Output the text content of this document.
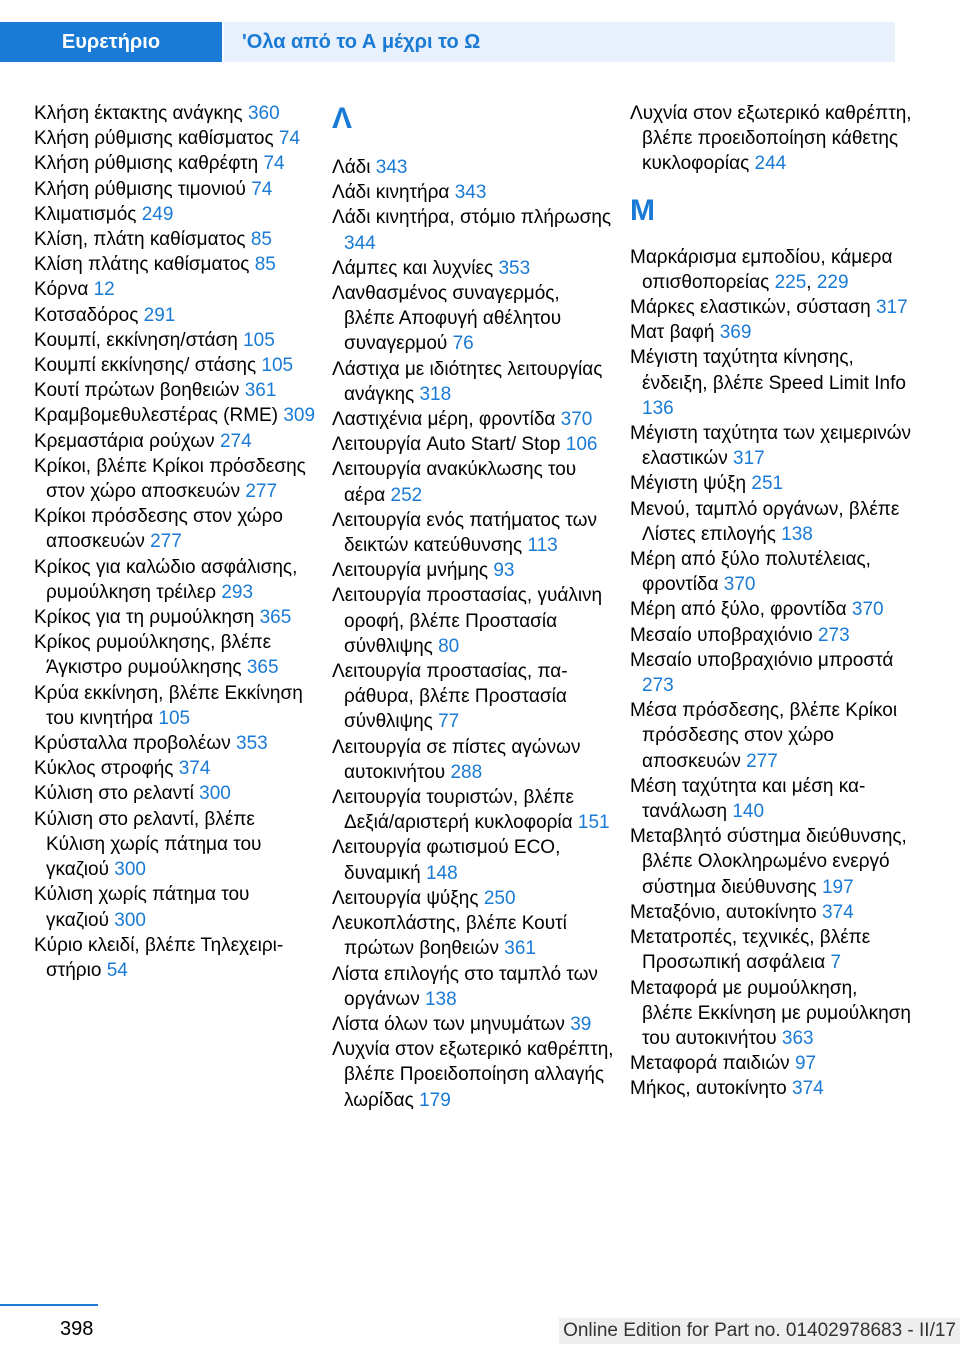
Ευρετήριο	'Ολα από το Α μέχρι το Ω
Κλήση έκτακτης ανάγκης 360
Κλήση ρύθμισης καθίσματος 74
Κλήση ρύθμισης καθρέφτη 74
Κλήση ρύθμισης τιμονιού 74
Κλιματισμός 249
Κλίση, πλάτη καθίσματος 85
Κλίση πλάτης καθίσματος 85
Κόρνα 12
Κοτσαδόρος 291
Κουμπί, εκκίνηση/στάση 105
Κουμπί εκκίνησης/ στάσης 105
Κουτί πρώτων βοηθειών 361
Κραμβομεθυλεστέρας (RME) 309
Κρεμαστάρια ρούχων 274
Κρίκοι, βλέπε Κρίκοι πρόσδεσης στον χώρο αποσκευών 277
Κρίκοι πρόσδεσης στον χώρο αποσκευών 277
Κρίκος για καλώδιο ασφάλισης, ρυμούλκηση τρέιλερ 293
Κρίκος για τη ρυμούλκηση 365
Κρίκος ρυμούλκησης, βλέπε Άγκιστρο ρυμούλκησης 365
Κρύα εκκίνηση, βλέπε Εκκίνηση του κινητήρα 105
Κρύσταλλα προβολέων 353
Κύκλος στροφής 374
Κύλιση στο ρελαντί 300
Κύλιση στο ρελαντί, βλέπε Κύλιση χωρίς πάτημα του γκαζιού 300
Κύλιση χωρίς πάτημα του γκαζιού 300
Κύριο κλειδί, βλέπε Τηλεχειριστήριο 54
Λ
Λάδι 343
Λάδι κινητήρα 343
Λάδι κινητήρα, στόμιο πλήρωσης 344
Λάμπες και λυχνίες 353
Λανθασμένος συναγερμός, βλέπε Αποφυγή αθέλητου συναγερμού 76
Λάστιχα με ιδιότητες λειτουργίας ανάγκης 318
Λαστιχένια μέρη, φροντίδα 370
Λειτουργία Auto Start/ Stop 106
Λειτουργία ανακύκλωσης του αέρα 252
Λειτουργία ενός πατήματος των δεικτών κατεύθυνσης 113
Λειτουργία μνήμης 93
Λειτουργία προστασίας, γυάλινη οροφή, βλέπε Προστασία σύνθλιψης 80
Λειτουργία προστασίας, παράθυρα, βλέπε Προστασία σύνθλιψης 77
Λειτουργία σε πίστες αγώνων αυτοκινήτου 288
Λειτουργία τουριστών, βλέπε Δεξιά/αριστερή κυκλοφορία 151
Λειτουργία φωτισμού ECO, δυναμική 148
Λειτουργία ψύξης 250
Λευκοπλάστης, βλέπε Κουτί πρώτων βοηθειών 361
Λίστα επιλογής στο ταμπλό των οργάνων 138
Λίστα όλων των μηνυμάτων 39
Λυχνία στον εξωτερικό καθρέπτη, βλέπε Προειδοποίηση αλλαγής λωρίδας 179
Λυχνία στον εξωτερικό καθρέπτη, βλέπε προειδοποίηση κάθετης κυκλοφορίας 244
Μ
Μαρκάρισμα εμποδίου, κάμερα οπισθοπορείας 225, 229
Μάρκες ελαστικών, σύσταση 317
Ματ βαφή 369
Μέγιστη ταχύτητα κίνησης, ένδειξη, βλέπε Speed Limit Info 136
Μέγιστη ταχύτητα των χειμερινών ελαστικών 317
Μέγιστη ψύξη 251
Μενού, ταμπλό οργάνων, βλέπε Λίστες επιλογής 138
Μέρη από ξύλο πολυτέλειας, φροντίδα 370
Μέρη από ξύλο, φροντίδα 370
Μεσαίο υποβραχιόνιο 273
Μεσαίο υποβραχιόνιο μπροστά 273
Μέσα πρόσδεσης, βλέπε Κρίκοι πρόσδεσης στον χώρο αποσκευών 277
Μέση ταχύτητα και μέση κατανάλωση 140
Μεταβλητό σύστημα διεύθυνσης, βλέπε Ολοκληρωμένο ενεργό σύστημα διεύθυνσης 197
Μεταξόνιο, αυτοκίνητο 374
Μετατροπές, τεχνικές, βλέπε Προσωπική ασφάλεια 7
Μεταφορά με ρυμούλκηση, βλέπε Εκκίνηση με ρυμούλκηση του αυτοκινήτου 363
Μεταφορά παιδιών 97
Μήκος, αυτοκίνητο 374
398	Online Edition for Part no. 01402978683 - II/17
